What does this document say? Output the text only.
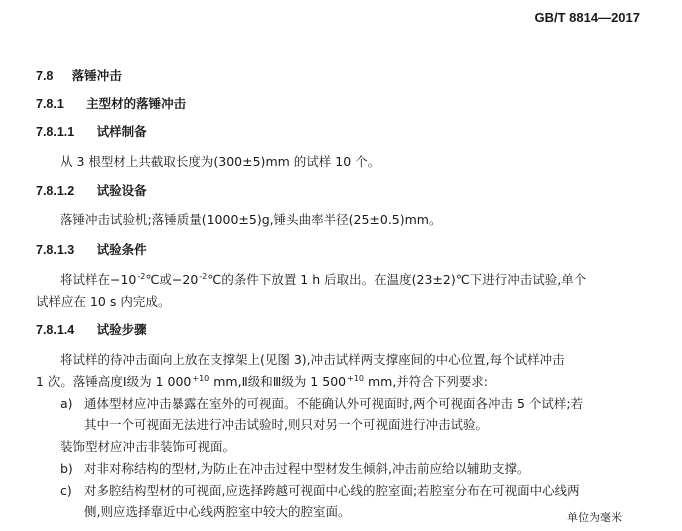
GB/T 8814—2017
7.8 落锤冲击
7.8.1 主型材的落锤冲击
7.8.1.1 试样制备
从 3 根型材上共截取长度为(300±5)mm 的试样 10 个。
7.8.1.2 试验设备
落锤冲击试验机;落锤质量(1000±5)g,锤头曲率半径(25±0.5)mm。
7.8.1.3 试验条件
将试样在$-10^{-2}℃$或$-20^{-2}℃$的条件下放置 1 h 后取出。在温度(23±2)℃下进行冲击试验,单个
试样应在 10 s 内完成。
7.8.1.4 试验步骤
将试样的待冲击面向上放在支撑架上(见图 3),冲击试样两支撑座间的中心位置,每个试样冲击
1 次。落锤高度Ⅰ级为 1 $000^{+10}$ mm,Ⅱ级和Ⅲ级为 1 $500^{+10}$ mm,并符合下列要求:
a) 通体型材应冲击暴露在室外的可视面。不能确认外可视面时,两个可视面各冲击 5 个试样;若
其中一个可视面无法进行冲击试验时,则只对另一个可视面进行冲击试验。
装饰型材应冲击非装饰可视面。
b) 对非对称结构的型材,为防止在冲击过程中型材发生倾斜,冲击前应给以辅助支撑。
c) 对多腔结构型材的可视面,应选择跨越可视面中心线的腔室面;若腔室分布在可视面中心线两
侧,则应选择靠近中心线两腔室中较大的腔室面。	单位为毫米
